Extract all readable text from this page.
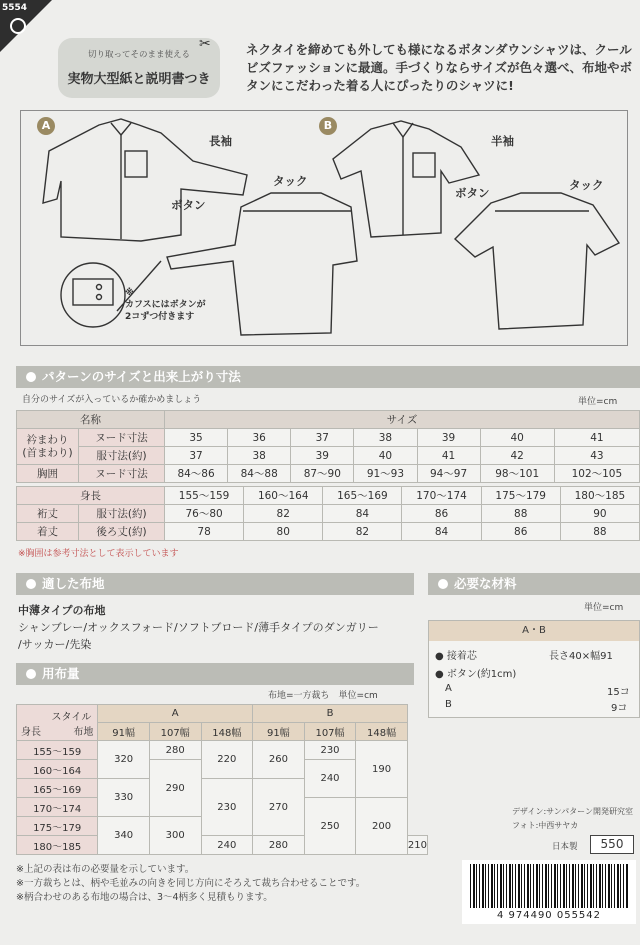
5554
切り取ってそのまま使える
実物大型紙と説明書つき
✂	ネクタイを締めても外しても様になるボタンダウンシャツは、クールビズファッションに最適。手づくりならサイズが色々選べ、布地やボタンにこだわった着る人にぴったりのシャツに!
A	B
長袖	半袖
ボタン
ボタン
タック	タック
※
カフスにはボタンが
2コずつ付きます
パターンのサイズと出来上がり寸法
自分のサイズが入っているか確かめましょう	単位=cm
名称		サイズ						
衿まわり
(首まわり)	ヌード寸法	35	36	37	38	39	40	41
	服寸法(約)	37	38	39	40	41	42	43
胸囲	ヌード寸法	84〜86	84〜88	87〜90	91〜93	94〜97	98〜101	102〜105
身長		155〜159	160〜164	165〜169	170〜174	175〜179	180〜185
裄丈	服寸法(約)	76〜80	82	84	86	88	90
着丈	後ろ丈(約)	78	80	82	84	86	88
※胸囲は参考寸法として表示しています
適した布地
中薄タイプの布地
シャンブレー/オックスフォード/ソフトブロード/薄手タイプのダンガリー
/サッカー/先染
必要な材料
単位=cm
A・B
● 接着芯	長さ40×幅91
● ボタン(約1cm)
A	15コ
B	9コ
用布量
布地=一方裁ち　単位=cm
スタイル
身長 布地	A			B			
	91幅	107幅	148幅	91幅	107幅	148幅	
155〜159	320	280	220	260	230	190	
160〜164		290			240		
165〜169	330		230	270			
170〜174					250	200	
175〜179	340	300					
180〜185			240	280			210
※上記の表は布の必要量を示しています。
※一方裁ちとは、柄や毛並みの向きを同じ方向にそろえて裁ち合わせることです。
※柄合わせのある布地の場合は、3〜4柄多く見積もります。
デザイン:サンパターン開発研究室
フォト:中西サヤカ
日本製	550
4 974490 055542
